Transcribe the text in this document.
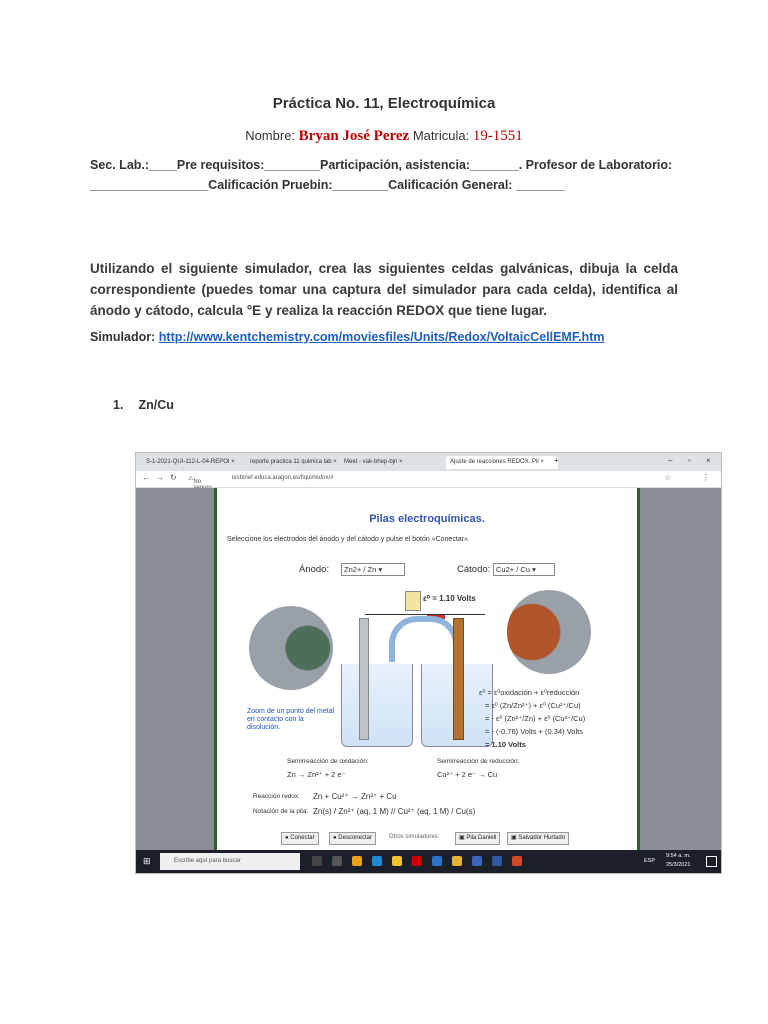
Práctica No. 11, Electroquímica
Nombre: Bryan José Perez Matricula: 19-1551
Sec. Lab.:____Pre requisitos:________Participación, asistencia:_______. Profesor de Laboratorio:
_________________Calificación Pruebin:________Calificación General: _______
Utilizando el siguiente simulador, crea las siguientes celdas galvánicas, dibuja la celda correspondiente (puedes tomar una captura del simulador para cada celda), identifica al ánodo y cátodo, calcula °E y realiza la reacción REDOX que tiene lugar.
Simulador: http://www.kentchemistry.com/moviesfiles/Units/Redox/VoltaicCellEMF.htm
1. Zn/Cu
S-1-2021-QUI-112-L-04-REPOI ×	reporte practica 11 quimica lab ×	Meet - vak-bhep-bjn ×	Ajuste de reacciones REDOX. Pil ×	+	– ▫ ×
← → ↻ ⚠ No
iesbinef.educa.aragon.es/fiqui/redox/#	☆	⋮
Pilas electroquímicas.
Seleccione los electrodos del ánodo y del cátodo y pulse el botón «Conectar».
Ánodo:	Zn2+ / Zn ▾	Cátodo: Cu2+ / Cu ▾
ε⁰ = 1.10 Volts
Zoom de un punto del metal en contacto con la disolución.
ε⁰ = ε⁰oxidación + ε⁰reducción
= ε⁰ (Zn/Zn²⁺) + ε⁰ (Cu²⁺/Cu)
= - ε⁰ (Zn²⁺/Zn) + ε⁰ (Cu²⁺/Cu)
= - (-0.76) Volts + (0.34) Volts
= 1.10 Volts
Semirreacción de oxidación:
Zn → Zn²⁺ + 2 e⁻
Semirreacción de reducción:
Cu²⁺ + 2 e⁻ → Cu
Reacción redox: Zn + Cu²⁺ → Zn²⁺ + Cu
Notación de la pila: Zn(s) / Zn²⁺ (aq, 1 M) // Cu²⁺ (aq, 1 M) / Cu(s)
● Conectar	● Desconectar	Otros simuladores:	▣ Pila Daniell	▣ Salvador Hurtado
⊞	Escribe aquí para buscar	ESP
9:54 a. m.
25/3/2021
